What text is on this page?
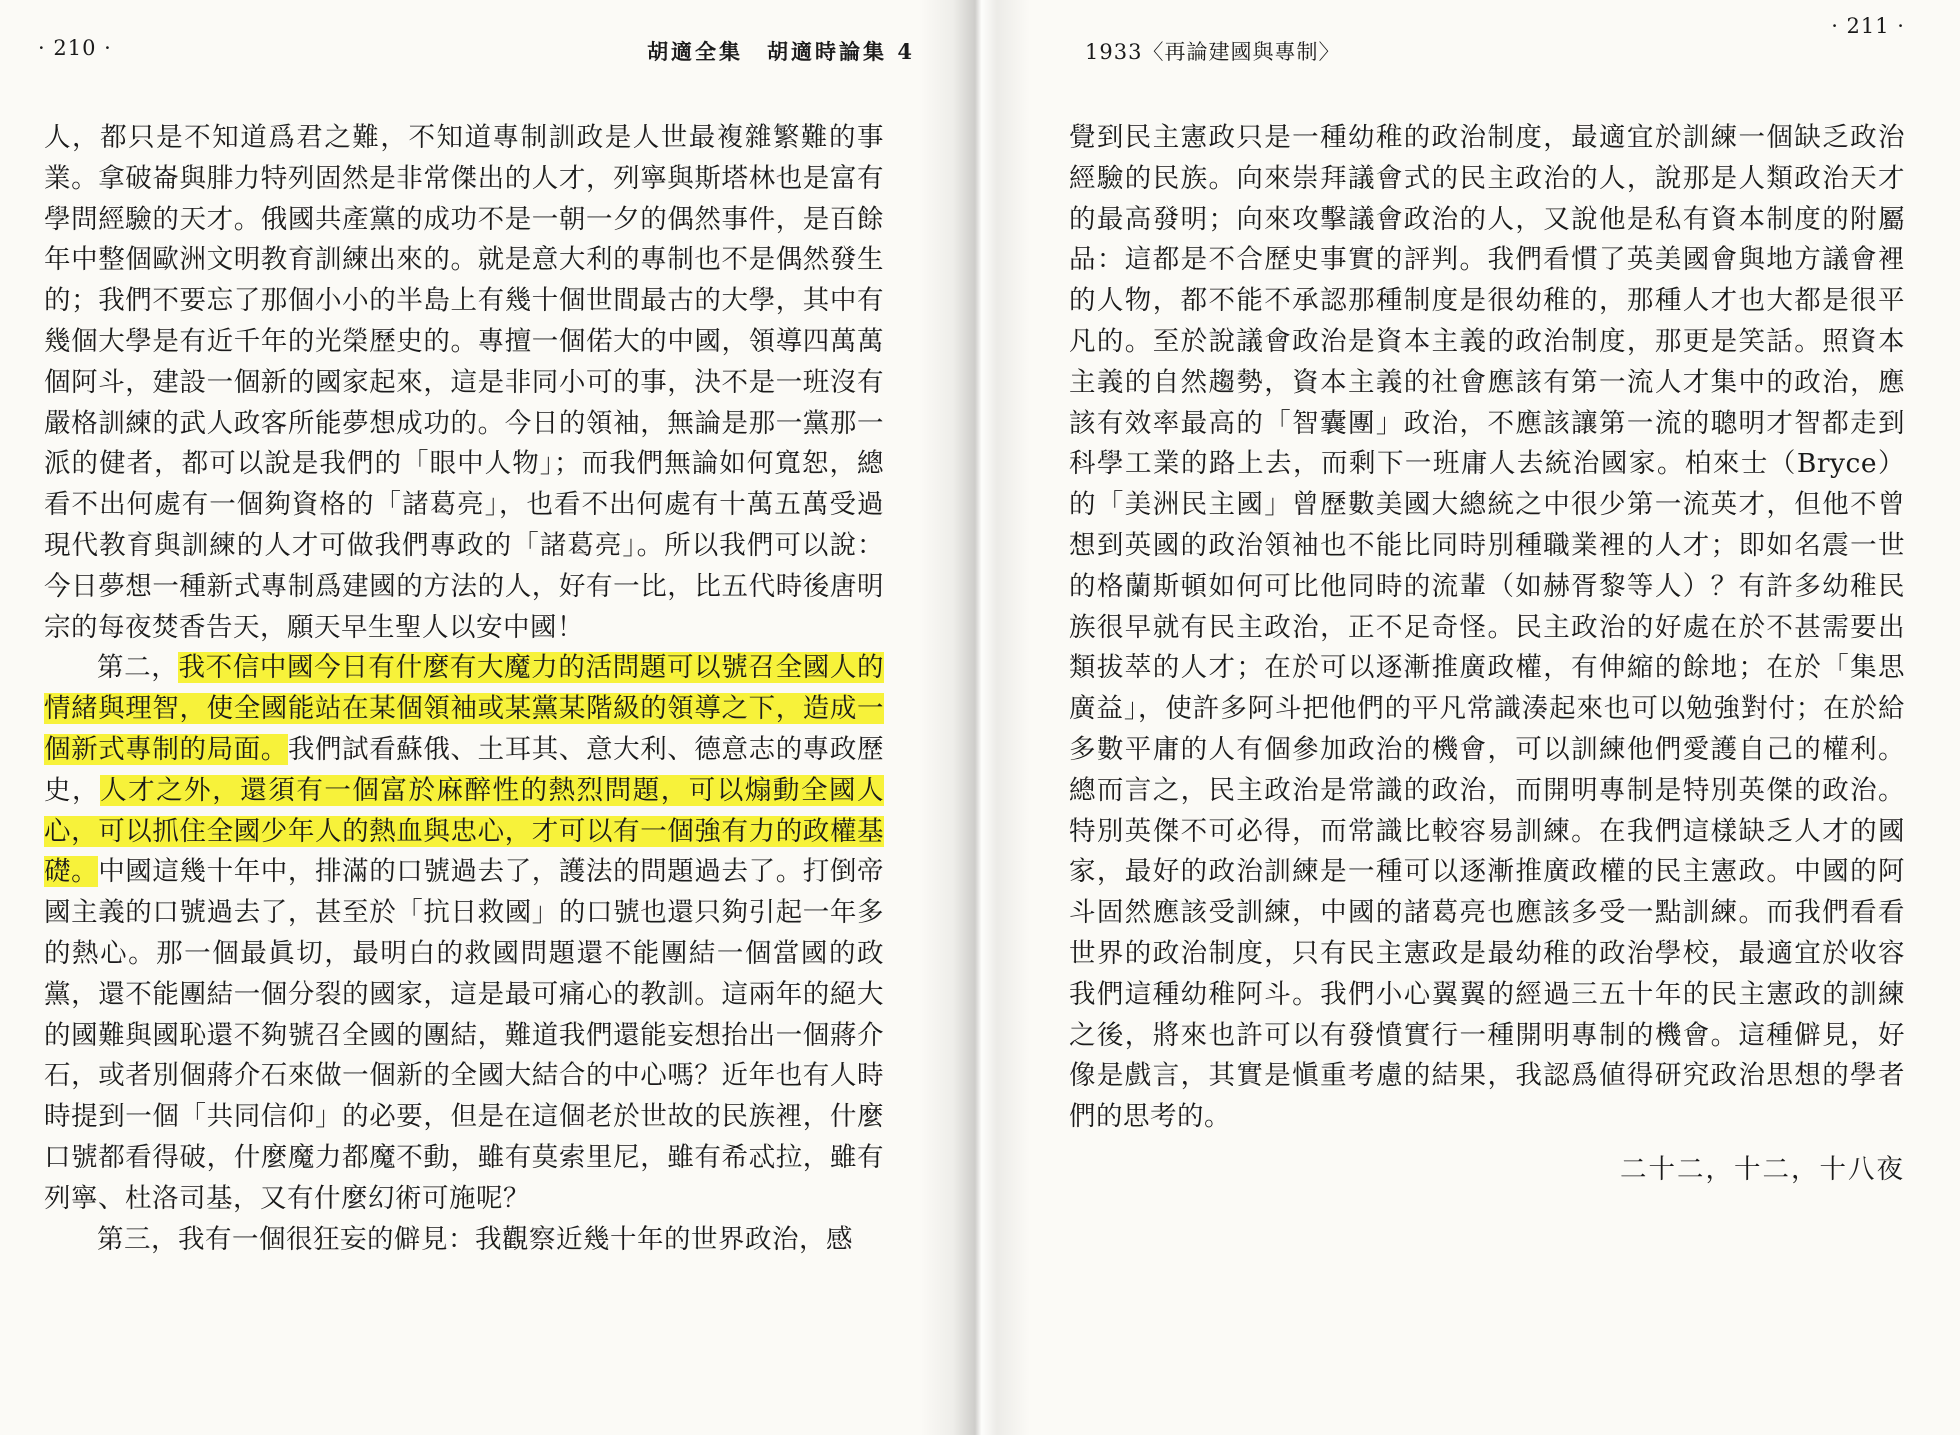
· 210 ·	胡適全集　胡適時論集 4

人，都只是不知道爲君之難，不知道專制訓政是人世最複雜繁難的事業。拿破崙與腓力特列固然是非常傑出的人才，列寧與斯塔林也是富有學問經驗的天才。俄國共產黨的成功不是一朝一夕的偶然事件，是百餘年中整個歐洲文明教育訓練出來的。就是意大利的專制也不是偶然發生的；我們不要忘了那個小小的半島上有幾十個世間最古的大學，其中有幾個大學是有近千年的光榮歷史的。專擅一個偌大的中國，領導四萬萬個阿斗，建設一個新的國家起來，這是非同小可的事，決不是一班沒有嚴格訓練的武人政客所能夢想成功的。今日的領袖，無論是那一黨那一派的健者，都可以說是我們的「眼中人物」；而我們無論如何寬恕，總看不出何處有一個夠資格的「諸葛亮」，也看不出何處有十萬五萬受過現代教育與訓練的人才可做我們專政的「諸葛亮」。所以我們可以說：今日夢想一種新式專制爲建國的方法的人，好有一比，比五代時後唐明宗的每夜焚香告天，願天早生聖人以安中國！

第二，我不信中國今日有什麼有大魔力的活問題可以號召全國人的情緒與理智，使全國能站在某個領袖或某黨某階級的領導之下，造成一個新式專制的局面。我們試看蘇俄、土耳其、意大利、德意志的專政歷史，人才之外，還須有一個富於麻醉性的熱烈問題，可以煽動全國人心，可以抓住全國少年人的熱血與忠心，才可以有一個強有力的政權基礎。中國這幾十年中，排滿的口號過去了，護法的問題過去了。打倒帝國主義的口號過去了，甚至於「抗日救國」的口號也還只夠引起一年多的熱心。那一個最眞切，最明白的救國問題還不能團結一個當國的政黨，還不能團結一個分裂的國家，這是最可痛心的教訓。這兩年的絕大的國難與國恥還不夠號召全國的團結，難道我們還能妄想抬出一個蔣介石，或者別個蔣介石來做一個新的全國大結合的中心嗎？近年也有人時時提到一個「共同信仰」的必要，但是在這個老於世故的民族裡，什麼口號都看得破，什麼魔力都魔不動，雖有莫索里尼，雖有希忒拉，雖有列寧、杜洛司基，又有什麼幻術可施呢？

第三，我有一個很狂妄的僻見：我觀察近幾十年的世界政治，感

1933〈再論建國與專制〉
· 211 ·

覺到民主憲政只是一種幼稚的政治制度，最適宜於訓練一個缺乏政治經驗的民族。向來崇拜議會式的民主政治的人，說那是人類政治天才的最高發明；向來攻擊議會政治的人，又說他是私有資本制度的附屬品：這都是不合歷史事實的評判。我們看慣了英美國會與地方議會裡的人物，都不能不承認那種制度是很幼稚的，那種人才也大都是很平凡的。至於說議會政治是資本主義的政治制度，那更是笑話。照資本主義的自然趨勢，資本主義的社會應該有第一流人才集中的政治，應該有效率最高的「智囊團」政治，不應該讓第一流的聰明才智都走到科學工業的路上去，而剩下一班庸人去統治國家。柏來士（Bryce）的「美洲民主國」曾歷數美國大總統之中很少第一流英才，但他不曾想到英國的政治領袖也不能比同時別種職業裡的人才；即如名震一世的格蘭斯頓如何可比他同時的流輩（如赫胥黎等人）？有許多幼稚民族很早就有民主政治，正不足奇怪。民主政治的好處在於不甚需要出類拔萃的人才；在於可以逐漸推廣政權，有伸縮的餘地；在於「集思廣益」，使許多阿斗把他們的平凡常識湊起來也可以勉強對付；在於給多數平庸的人有個參加政治的機會，可以訓練他們愛護自己的權利。總而言之，民主政治是常識的政治，而開明專制是特別英傑的政治。特別英傑不可必得，而常識比較容易訓練。在我們這樣缺乏人才的國家，最好的政治訓練是一種可以逐漸推廣政權的民主憲政。中國的阿斗固然應該受訓練，中國的諸葛亮也應該多受一點訓練。而我們看看世界的政治制度，只有民主憲政是最幼稚的政治學校，最適宜於收容我們這種幼稚阿斗。我們小心翼翼的經過三五十年的民主憲政的訓練之後，將來也許可以有發憤實行一種開明專制的機會。這種僻見，好像是戲言，其實是愼重考慮的結果，我認爲値得研究政治思想的學者們的思考的。

二十二，十二，十八夜
